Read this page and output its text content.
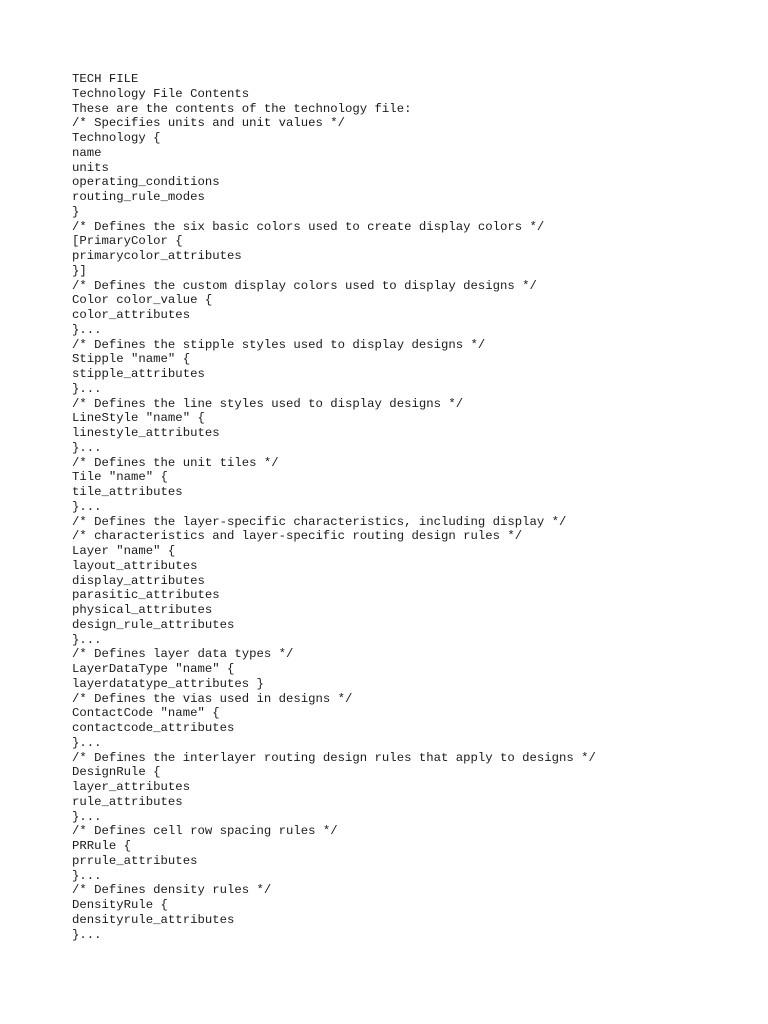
TECH FILE
Technology File Contents
These are the contents of the technology file:
/* Specifies units and unit values */
Technology {
name
units
operating_conditions
routing_rule_modes
}
/* Defines the six basic colors used to create display colors */
[PrimaryColor {
primarycolor_attributes
}]
/* Defines the custom display colors used to display designs */
Color color_value {
color_attributes
}...
/* Defines the stipple styles used to display designs */
Stipple "name" {
stipple_attributes
}...
/* Defines the line styles used to display designs */
LineStyle "name" {
linestyle_attributes
}...
/* Defines the unit tiles */
Tile "name" {
tile_attributes
}...
/* Defines the layer-specific characteristics, including display */
/* characteristics and layer-specific routing design rules */
Layer "name" {
layout_attributes
display_attributes
parasitic_attributes
physical_attributes
design_rule_attributes
}...
/* Defines layer data types */
LayerDataType "name" {
layerdatatype_attributes }
/* Defines the vias used in designs */
ContactCode "name" {
contactcode_attributes
}...
/* Defines the interlayer routing design rules that apply to designs */
DesignRule {
layer_attributes
rule_attributes
}...
/* Defines cell row spacing rules */
PRRule {
prrule_attributes
}...
/* Defines density rules */
DensityRule {
densityrule_attributes
}...
